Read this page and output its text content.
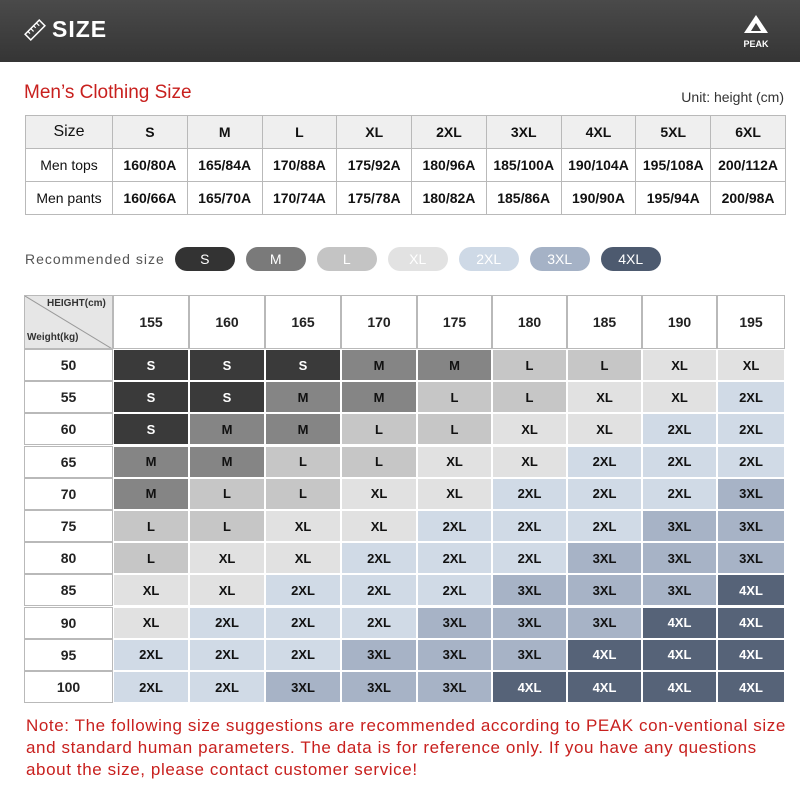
SIZE
PEAK
Men’s Clothing Size	Unit: height (cm)
Size	S	M	L	XL	2XL	3XL	4XL	5XL	6XL
Men tops	160/80A	165/84A	170/88A	175/92A	180/96A	185/100A	190/104A	195/108A	200/112A
Men pants	160/66A	165/70A	170/74A	175/78A	180/82A	185/86A	190/90A	195/94A	200/98A
Recommended size	S	M	L	XL	2XL	3XL	4XL
HEIGHT(cm)
Weight(kg)
155	160	165	170	175	180	185	190	195
50	S	S	S	M	M	L	L	XL	XL
55	S	S	M	M	L	L	XL	XL	2XL
60	S	M	M	L	L	XL	XL	2XL	2XL
65	M	M	L	L	XL	XL	2XL	2XL	2XL
70	M	L	L	XL	XL	2XL	2XL	2XL	3XL
75	L	L	XL	XL	2XL	2XL	2XL	3XL	3XL
80	L	XL	XL	2XL	2XL	2XL	3XL	3XL	3XL
85	XL	XL	2XL	2XL	2XL	3XL	3XL	3XL	4XL
90	XL	2XL	2XL	2XL	3XL	3XL	3XL	4XL	4XL
95	2XL	2XL	2XL	3XL	3XL	3XL	4XL	4XL	4XL
100	2XL	2XL	3XL	3XL	3XL	4XL	4XL	4XL	4XL
Note: The following size suggestions are recommended according to PEAK con-ventional size and standard human parameters. The data is for reference only. If you have any questions about the size, please contact customer service!
